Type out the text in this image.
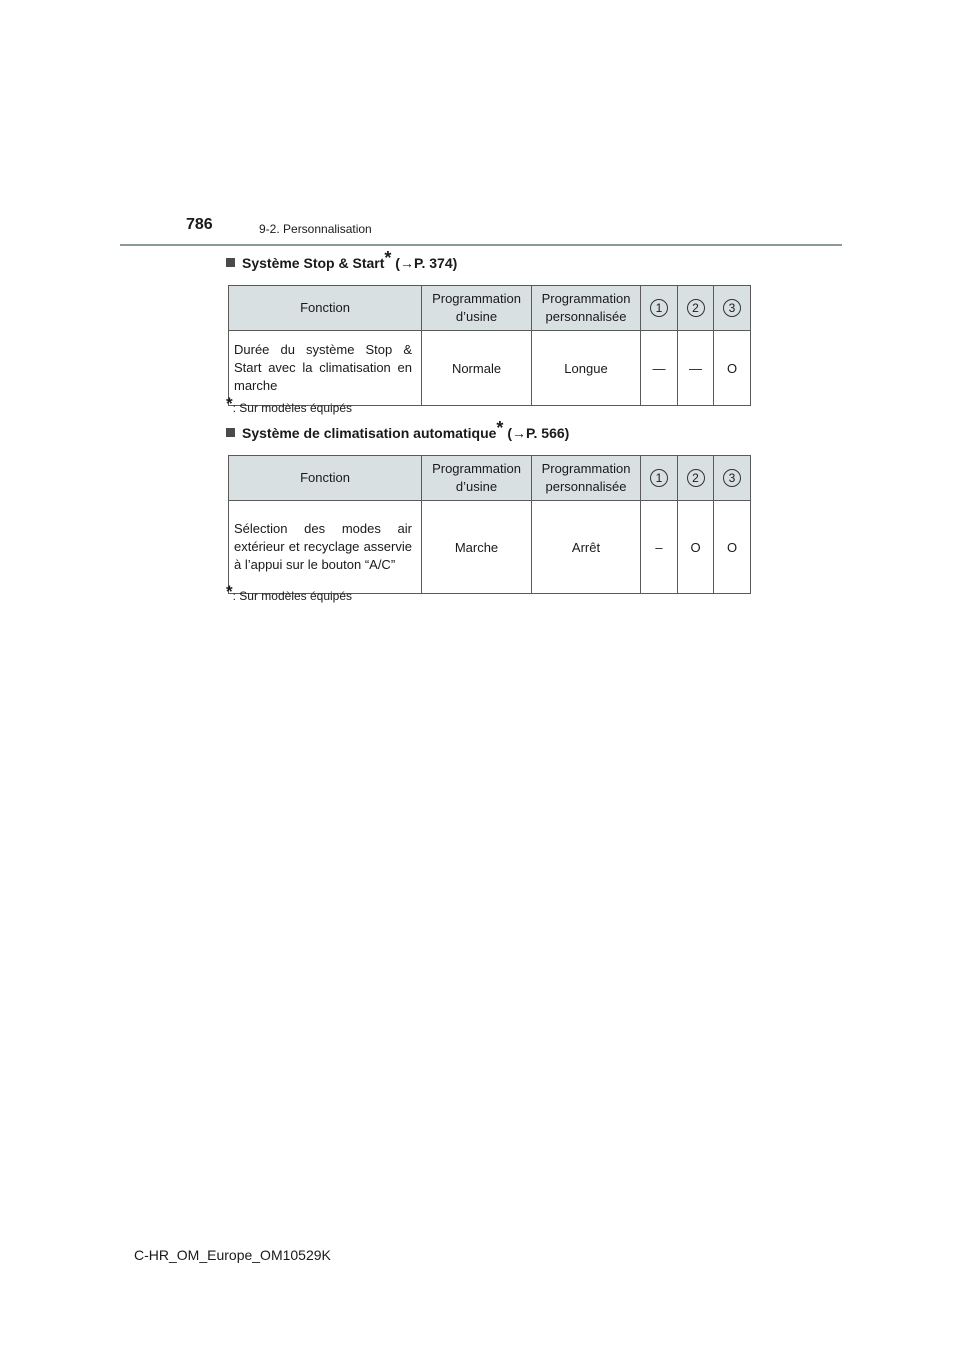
786	9-2. Personnalisation
Système Stop & Start* (→P. 374)
Fonction	Programmation d’usine	Programmation personnalisée	1	2	3
Durée du système Stop & Start avec la climatisation en marche	Normale	Longue	—	—	O
*: Sur modèles équipés
Système de climatisation automatique* (→P. 566)
Fonction	Programmation d’usine	Programmation personnalisée	1	2	3
Sélection des modes air extérieur et recyclage asservie à l’appui sur le bouton “A/C”	Marche	Arrêt	–	O	O
*: Sur modèles équipés
C-HR_OM_Europe_OM10529K
